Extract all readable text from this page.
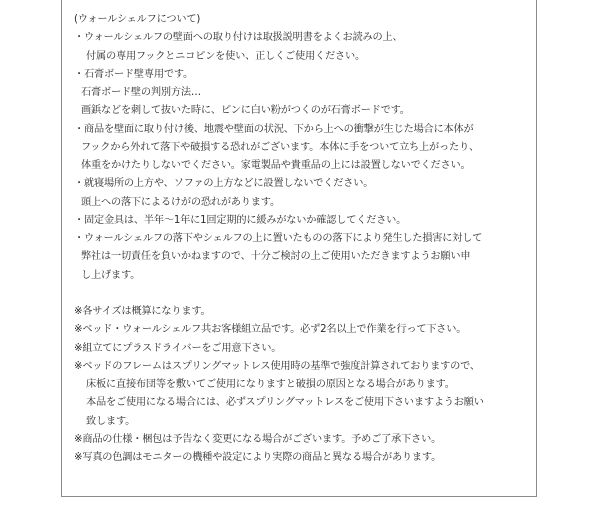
(ウォールシェルフについて)
・ウォールシェルフの壁面への取り付けは取扱説明書をよくお読みの上、
付属の専用フックとニコピンを使い、正しくご使用ください。
・石膏ボード壁専用です。
石膏ボード壁の判別方法…
画鋲などを刺して抜いた時に、ピンに白い粉がつくのが石膏ボードです。
・商品を壁面に取り付け後、地震や壁面の状況、下から上への衝撃が生じた場合に本体が
フックから外れて落下や破損する恐れがございます。本体に手をついて立ち上がったり、
体重をかけたりしないでください。家電製品や貴重品の上には設置しないでください。
・就寝場所の上方や、ソファの上方などに設置しないでください。
頭上への落下によるけがの恐れがあります。
・固定金具は、半年〜1年に1回定期的に緩みがないか確認してください。
・ウォールシェルフの落下やシェルフの上に置いたものの落下により発生した損害に対して
弊社は一切責任を負いかねますので、十分ご検討の上ご使用いただきますようお願い申
し上げます。
※各サイズは概算になります。
※ベッド・ウォールシェルフ共お客様組立品です。必ず2名以上で作業を行って下さい。
※組立てにプラスドライバーをご用意下さい。
※ベッドのフレームはスプリングマットレス使用時の基準で強度計算されておりますので、
床板に直接布団等を敷いてご使用になりますと破損の原因となる場合があります。
本品をご使用になる場合には、必ずスプリングマットレスをご使用下さいますようお願い
致します。
※商品の仕様・梱包は予告なく変更になる場合がございます。予めご了承下さい。
※写真の色調はモニターの機種や設定により実際の商品と異なる場合があります。
